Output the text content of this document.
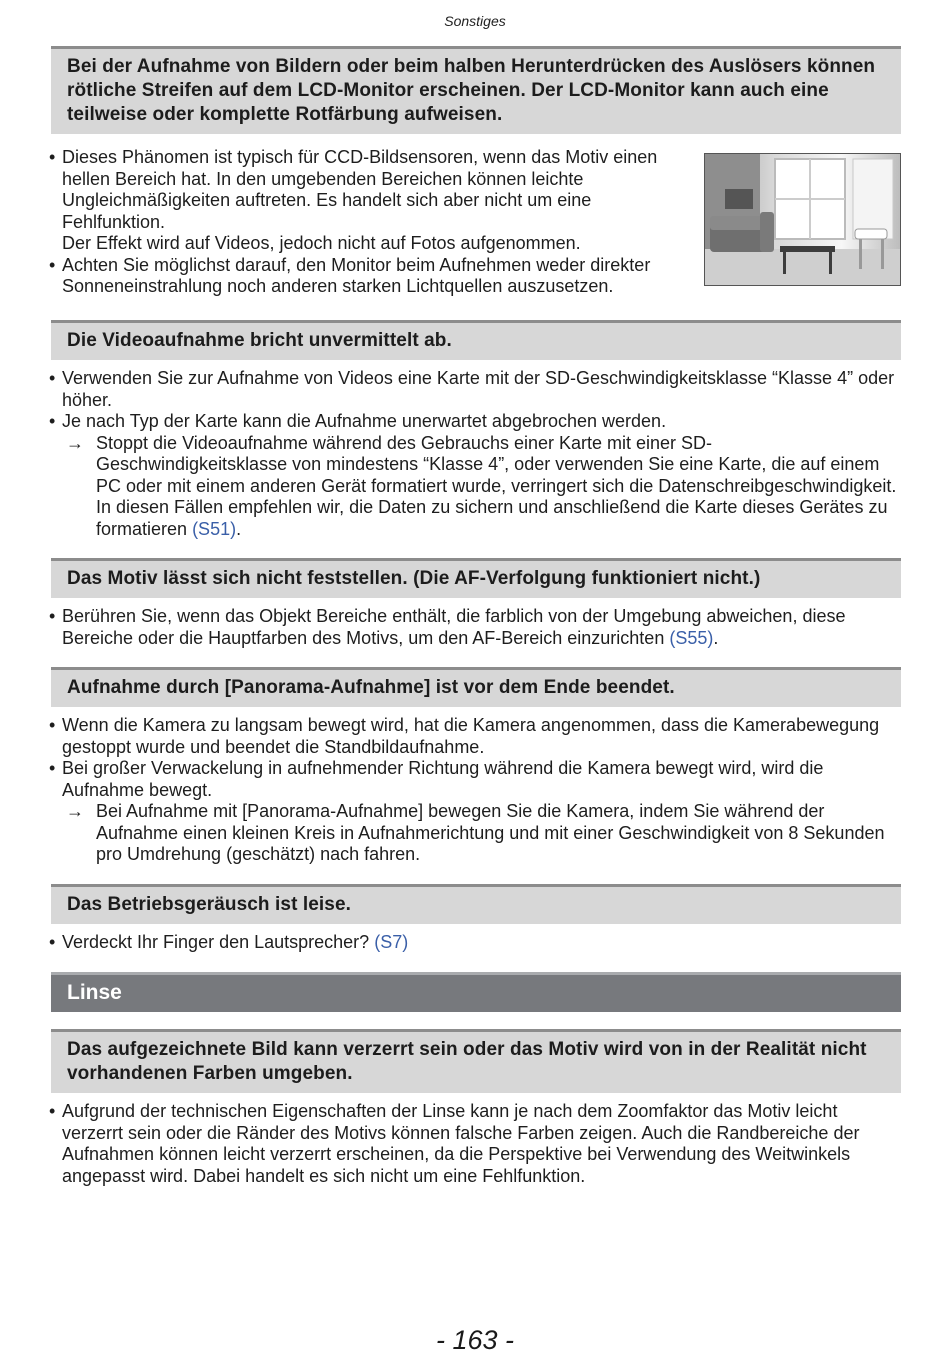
Sonstiges
Bei der Aufnahme von Bildern oder beim halben Herunterdrücken des Auslösers können rötliche Streifen auf dem LCD-Monitor erscheinen. Der LCD-Monitor kann auch eine teilweise oder komplette Rotfärbung aufweisen.
• Dieses Phänomen ist typisch für CCD-Bildsensoren, wenn das Motiv einen hellen Bereich hat. In den umgebenden Bereichen können leichte Ungleichmäßigkeiten auftreten. Es handelt sich aber nicht um eine Fehlfunktion.
Der Effekt wird auf Videos, jedoch nicht auf Fotos aufgenommen.
• Achten Sie möglichst darauf, den Monitor beim Aufnehmen weder direkter Sonneneinstrahlung noch anderen starken Lichtquellen auszusetzen.
Die Videoaufnahme bricht unvermittelt ab.
• Verwenden Sie zur Aufnahme von Videos eine Karte mit der SD-Geschwindigkeitsklasse “Klasse 4” oder höher.
• Je nach Typ der Karte kann die Aufnahme unerwartet abgebrochen werden.
→ Stoppt die Videoaufnahme während des Gebrauchs einer Karte mit einer SD-Geschwindigkeitsklasse von mindestens “Klasse 4”, oder verwenden Sie eine Karte, die auf einem PC oder mit einem anderen Gerät formatiert wurde, verringert sich die Datenschreibgeschwindigkeit. In diesen Fällen empfehlen wir, die Daten zu sichern und anschließend die Karte dieses Gerätes zu formatieren (S51).
Das Motiv lässt sich nicht feststellen. (Die AF-Verfolgung funktioniert nicht.)
• Berühren Sie, wenn das Objekt Bereiche enthält, die farblich von der Umgebung abweichen, diese Bereiche oder die Hauptfarben des Motivs, um den AF-Bereich einzurichten (S55).
Aufnahme durch [Panorama-Aufnahme] ist vor dem Ende beendet.
• Wenn die Kamera zu langsam bewegt wird, hat die Kamera angenommen, dass die Kamerabewegung gestoppt wurde und beendet die Standbildaufnahme.
• Bei großer Verwackelung in aufnehmender Richtung während die Kamera bewegt wird, wird die Aufnahme bewegt.
→ Bei Aufnahme mit [Panorama-Aufnahme] bewegen Sie die Kamera, indem Sie während der Aufnahme einen kleinen Kreis in Aufnahmerichtung und mit einer Geschwindigkeit von 8 Sekunden pro Umdrehung (geschätzt) nach fahren.
Das Betriebsgeräusch ist leise.
• Verdeckt Ihr Finger den Lautsprecher? (S7)
Linse
Das aufgezeichnete Bild kann verzerrt sein oder das Motiv wird von in der Realität nicht vorhandenen Farben umgeben.
• Aufgrund der technischen Eigenschaften der Linse kann je nach dem Zoomfaktor das Motiv leicht verzerrt sein oder die Ränder des Motivs können falsche Farben zeigen. Auch die Randbereiche der Aufnahmen können leicht verzerrt erscheinen, da die Perspektive bei Verwendung des Weitwinkels angepasst wird. Dabei handelt es sich nicht um eine Fehlfunktion.
- 163 -
